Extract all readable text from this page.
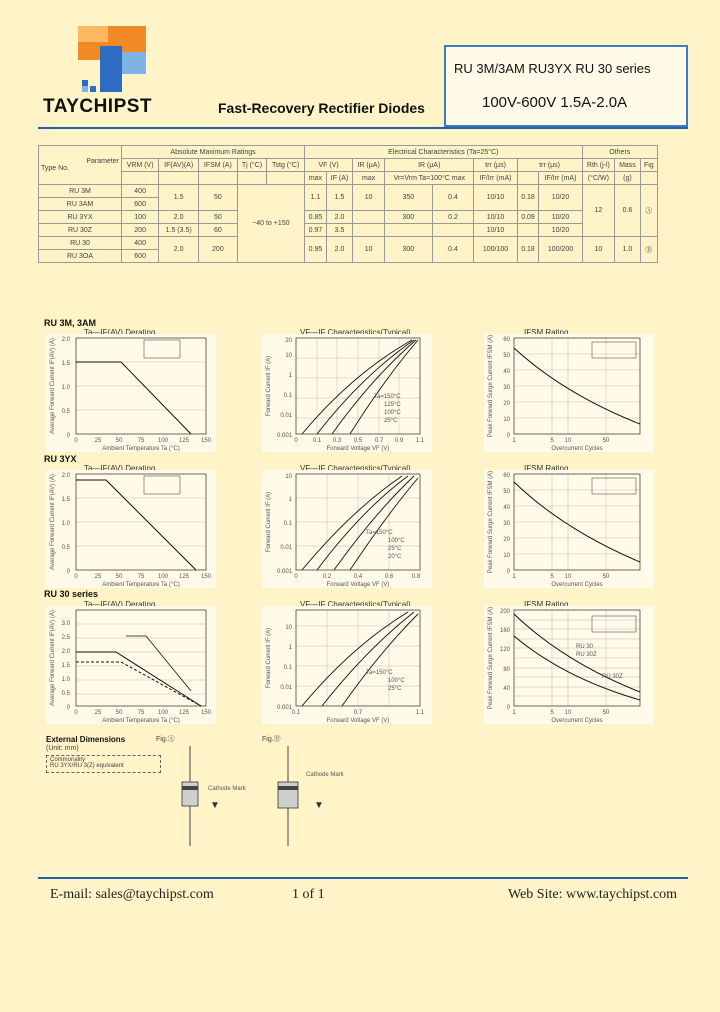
TAYCHIPST	Fast-Recovery Rectifier Diodes
RU 3M/3AM RU3YX RU 30 series
100V-600V 1.5A-2.0A
Parameter
Type No.	Absolute Maximum Ratings					Electrical Characteristics (Ta=25°C)								Others		
	VRM (V)	IF(AV)(A)	IFSM (A)	Tj (°C)	Tstg (°C)	VF (V)		IR (μA)	IR (μA)		trr (μs)	trr (μs)		Rth (j-l)	Mass	Fig
						max	IF (A)	max	Vr=Vrm Ta=100°C max		IF/Irr (mA)		IF/Irr (mA)	(°C/W)	(g)	
RU 3M	400	1.5	50	−40 to +150		1.1	1.5	10	350	0.4	10/10	0.18	10/20	12	0.6	Ⓐ
RU 3AM	600															
RU 3YX	100	2.0	50			0.85	2.0		300	0.2	10/10	0.09	10/20			
RU 30Z	200	1.5 (3.5)	60			0.97	3.5				10/10		10/20			
RU 30	400	2.0	200			0.95	2.0	10	300	0.4	100/100	0.18	100/200	10	1.0	Ⓑ
RU 3OA	600															
RU 3M, 3AM
RU 3YX
RU 30 series
Ta—IF(AV) Derating	VF—IF Characteristics(Typical)	IFSM Rating
Ta—IF(AV) Derating	VF—IF Characteristics(Typical)	IFSM Rating
Ta—IF(AV) Derating	VF—IF Characteristics(Typical)	IFSM Rating
0
0.5
1.0
1.5
2.0
0	25 50	75 100 125 150
Ambient Temperature Ta (°C)
Average Forward Current IF(AV) (A)
0
0.5
1.0
1.5
2.0
0	25 50	75 100 125 150
Ambient Temperature Ta (°C)
Average Forward Current IF(AV) (A)
0
0.5
1.0
1.5
2.0
2.5
3.0
0	25 50	75 100 125 150
Ambient Temperature Ta (°C)
Average Forward Current IF(AV) (A)
Ta=150°C
125°C
100°C
25°C
0.001
0.01
0.1
1
10
20
0	0.1 0.3 0.5 0.7 0.9 1.1
Forward Voltage VF (V)
Forward Current IF (A)
Ta=150°C
100°C
25°C
20°C
0.001
0.01
0.1
1
10
0	0.2	0.4	0.6	0.8
Forward Voltage VF (V)
Forward Current IF (A)
Ta=150°C
100°C
25°C
0.001
0.01
0.1
1
10
0.1	0.7	1.1
Forward Voltage VF (V)
Forward Current IF (A)
0
10
20
30
40
50
60
1	5 10	50
Overcurrent Cycles
Peak Forward Surge Current IFSM (A)
0
10
20
30
40
50
60
1	5 10	50
Overcurrent Cycles
Peak Forward Surge Current IFSM (A)
RU 30
RU 30Z
RU 30Z
0
40
80
120
160
200
1	5 10	50
Overcurrent Cycles
Peak Forward Surge Current IFSM (A)
External Dimensions
(Unit: mm)
Commonality
RU 3YX/RU 3(Z) equivalent
Fig.Ⓐ	Fig.Ⓑ
Cathode Mark
▼
Cathode Mark
▼
E-mail: sales@taychipst.com	1 of 1	Web Site: www.taychipst.com
